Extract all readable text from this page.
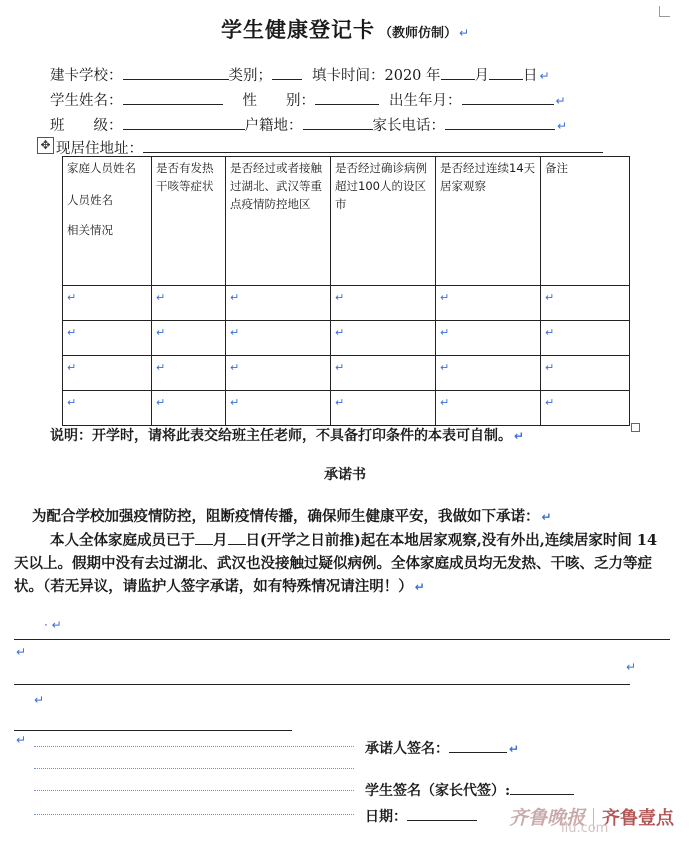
学生健康登记卡 （教师仿制） ↵
建卡学校：	类别；	填卡时间：2020 年 月 日 ↵
学生姓名：	性　　别：	出生年月：	↵
班　　级：	户籍地：	家长电话：	↵
✥ 现居住地址：
家庭人员姓名
人员姓名
相关情况	是否有发热干咳等症状	是否经过或者接触过湖北、武汉等重点疫情防控地区	是否经过确诊病例超过100人的设区市	是否经过连续14天居家观察	备注

↵	↵	↵	↵	↵	↵
↵	↵	↵	↵	↵	↵
↵	↵	↵	↵	↵	↵
↵	↵	↵	↵	↵	↵
说明：开学时，请将此表交给班主任老师，不具备打印条件的本表可自制。 ↵
承诺书
为配合学校加强疫情防控，阻断疫情传播，确保师生健康平安，我做如下承诺： ↵
本人全体家庭成员已于 月 日(开学之日前推)起在本地居家观察,没有外出,连续居家时间 14 天以上。假期中没有去过湖北、武汉也没接触过疑似病例。全体家庭成员均无发热、干咳、乏力等症状。（若无异议，请监护人签字承诺，如有特殊情况请注明！） ↵
· ↵
↵
↵
↵
↵
承诺人签名：	↵
学生签名（家长代签）:
日期：	齐鲁晚报 齐鲁壹点
ilu.com
